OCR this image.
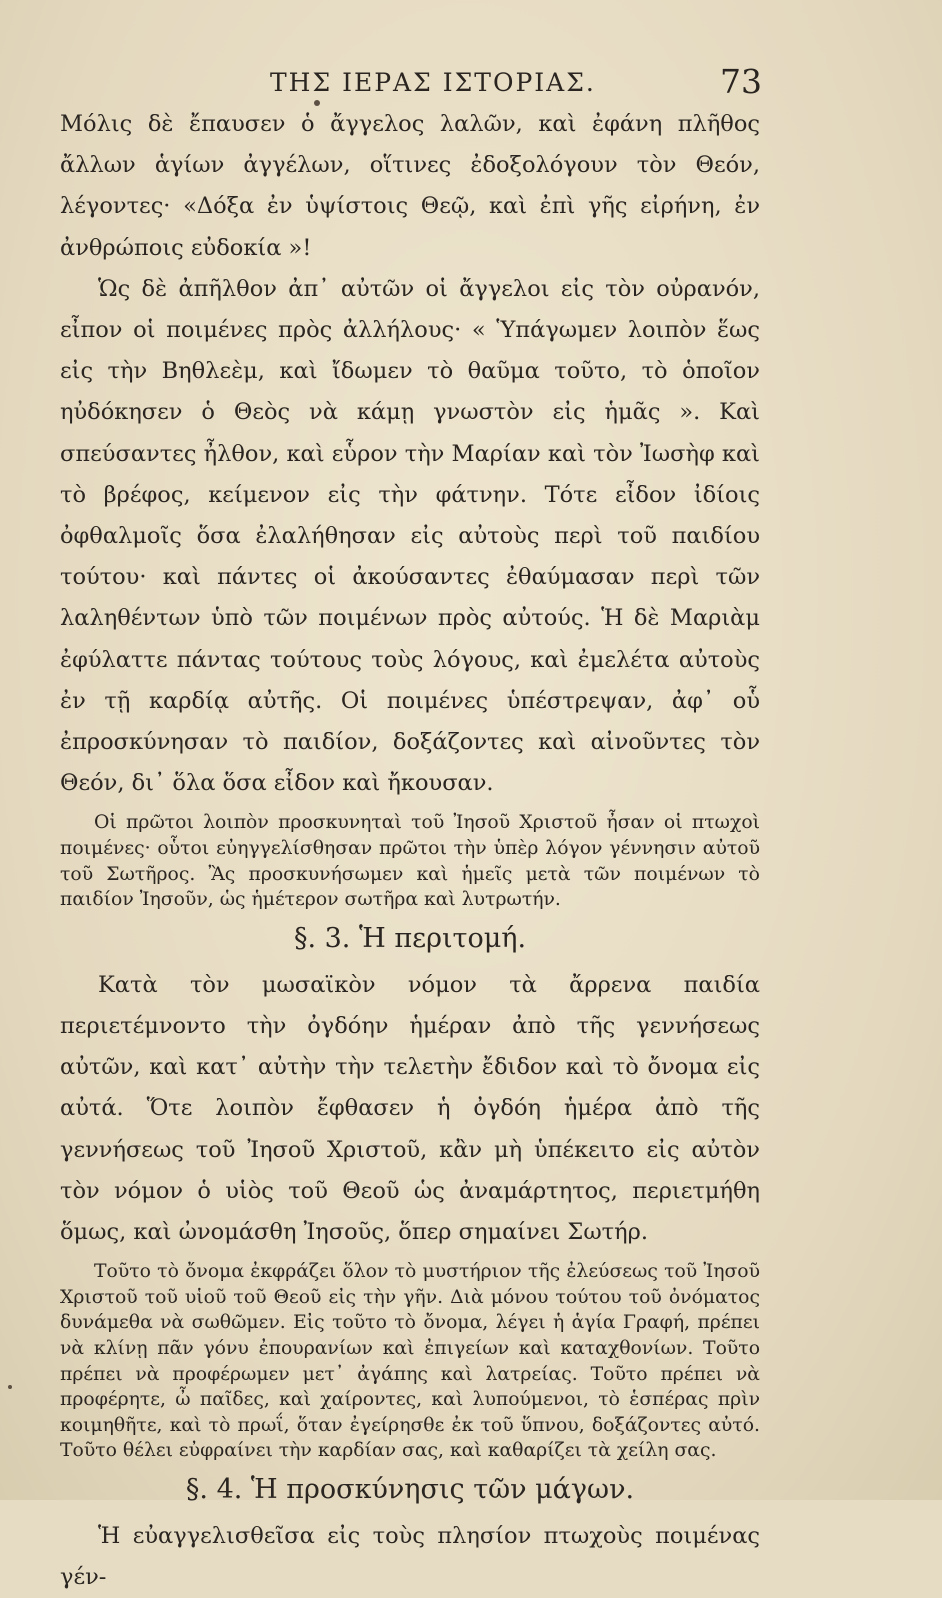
ΤΗΣ ΙΕΡΑΣ ΙΣΤΟΡΙΑΣ.	73

Μόλις δὲ ἔπαυσεν ὁ ἄγγελος λαλῶν, καὶ ἐφάνη πλῆθος ἄλλων ἁγίων ἀγγέλων, οἵτινες ἐδοξολόγουν τὸν Θεόν, λέγοντες· «Δόξα ἐν ὑψίστοις Θεῷ, καὶ ἐπὶ γῆς εἰρήνη, ἐν ἀνθρώποις εὐδοκία »!

Ὡς δὲ ἀπῆλθον ἀπ᾽ αὐτῶν οἱ ἄγγελοι εἰς τὸν οὐρανόν, εἶπον οἱ ποιμένες πρὸς ἀλλήλους· « Ὑπάγωμεν λοιπὸν ἕως εἰς τὴν Βηθλεὲμ, καὶ ἴδωμεν τὸ θαῦμα τοῦτο, τὸ ὁποῖον ηὐδόκησεν ὁ Θεὸς νὰ κάμῃ γνωστὸν εἰς ἡμᾶς ». Καὶ σπεύσαντες ἦλθον, καὶ εὗρον τὴν Μαρίαν καὶ τὸν Ἰωσὴφ καὶ τὸ βρέφος, κείμενον εἰς τὴν φάτνην. Τότε εἶδον ἰδίοις ὀφθαλμοῖς ὅσα ἐλαλήθησαν εἰς αὐτοὺς περὶ τοῦ παιδίου τούτου· καὶ πάντες οἱ ἀκούσαντες ἐθαύμασαν περὶ τῶν λαληθέντων ὑπὸ τῶν ποιμένων πρὸς αὐτούς. Ἡ δὲ Μαριὰμ ἐφύλαττε πάντας τούτους τοὺς λόγους, καὶ ἐμελέτα αὐτοὺς ἐν τῇ καρδίᾳ αὐτῆς. Οἱ ποιμένες ὑπέστρεψαν, ἀφ᾽ οὗ ἐπροσκύνησαν τὸ παιδίον, δοξάζοντες καὶ αἰνοῦντες τὸν Θεόν, δι᾽ ὅλα ὅσα εἶδον καὶ ἤκουσαν.

Οἱ πρῶτοι λοιπὸν προσκυνηταὶ τοῦ Ἰησοῦ Χριστοῦ ἦσαν οἱ πτωχοὶ ποιμένες· οὗτοι εὐηγγελίσθησαν πρῶτοι τὴν ὑπὲρ λόγον γέννησιν αὐτοῦ τοῦ Σωτῆρος. Ἂς προσκυνήσωμεν καὶ ἡμεῖς μετὰ τῶν ποιμένων τὸ παιδίον Ἰησοῦν, ὡς ἡμέτερον σωτῆρα καὶ λυτρωτήν.

§. 3. Ἡ περιτομή.

Κατὰ τὸν μωσαϊκὸν νόμον τὰ ἄρρενα παιδία περιετέμνοντο τὴν ὀγδόην ἡμέραν ἀπὸ τῆς γεννήσεως αὐτῶν, καὶ κατ᾽ αὐτὴν τὴν τελετὴν ἔδιδον καὶ τὸ ὄνομα εἰς αὐτά. Ὅτε λοιπὸν ἔφθασεν ἡ ὀγδόη ἡμέρα ἀπὸ τῆς γεννήσεως τοῦ Ἰησοῦ Χριστοῦ, κἂν μὴ ὑπέκειτο εἰς αὐτὸν τὸν νόμον ὁ υἱὸς τοῦ Θεοῦ ὡς ἀναμάρτητος, περιετμήθη ὅμως, καὶ ὠνομάσθη Ἰησοῦς, ὅπερ σημαίνει Σωτήρ.

Τοῦτο τὸ ὄνομα ἐκφράζει ὅλον τὸ μυστήριον τῆς ἐλεύσεως τοῦ Ἰησοῦ Χριστοῦ τοῦ υἱοῦ τοῦ Θεοῦ εἰς τὴν γῆν. Διὰ μόνου τούτου τοῦ ὀνόματος δυνάμεθα νὰ σωθῶμεν. Εἰς τοῦτο τὸ ὄνομα, λέγει ἡ ἁγία Γραφή, πρέπει νὰ κλίνῃ πᾶν γόνυ ἐπουρανίων καὶ ἐπιγείων καὶ καταχθονίων. Τοῦτο πρέπει νὰ προφέρωμεν μετ᾽ ἀγάπης καὶ λατρείας. Τοῦτο πρέπει νὰ προφέρητε, ὦ παῖδες, καὶ χαίροντες, καὶ λυπούμενοι, τὸ ἑσπέρας πρὶν κοιμηθῆτε, καὶ τὸ πρωΐ, ὅταν ἐγείρησθε ἐκ τοῦ ὕπνου, δοξάζοντες αὐτό. Τοῦτο θέλει εὐφραίνει τὴν καρδίαν σας, καὶ καθαρίζει τὰ χείλη σας.

§. 4. Ἡ προσκύνησις τῶν μάγων.

Ἡ εὐαγγελισθεῖσα εἰς τοὺς πλησίον πτωχοὺς ποιμένας γέν-
